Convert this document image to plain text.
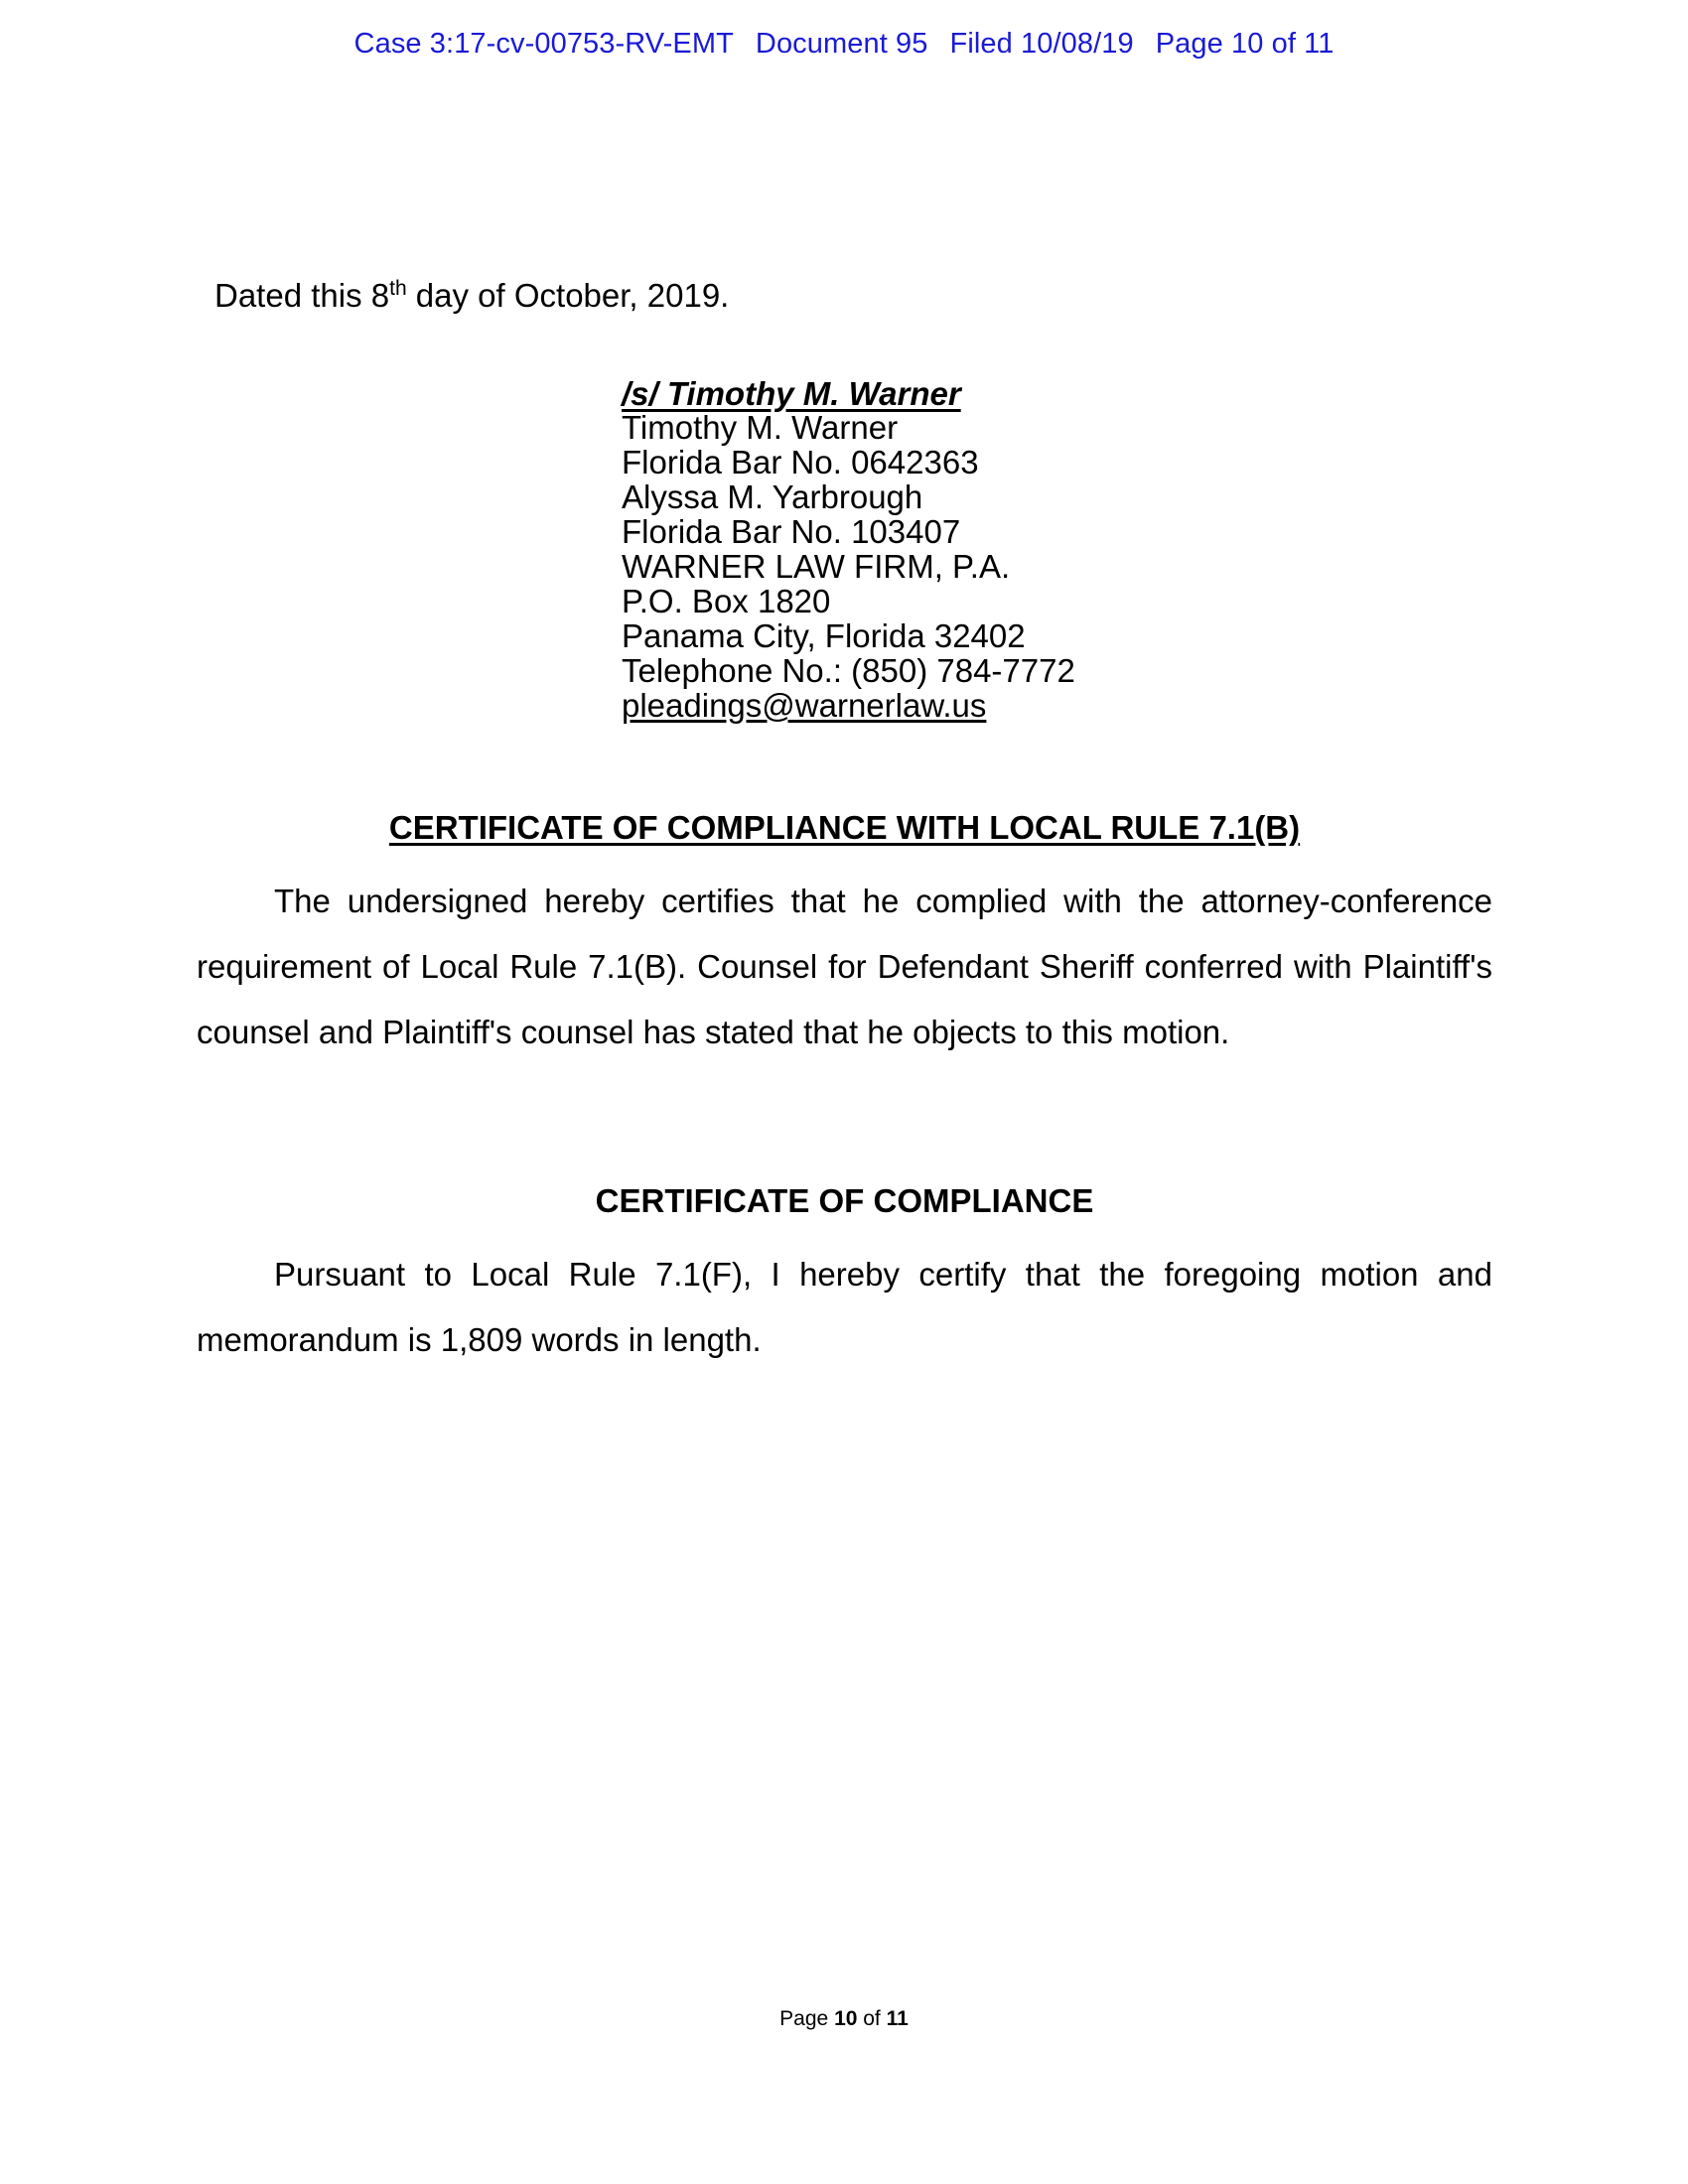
Case 3:17-cv-00753-RV-EMT Document 95 Filed 10/08/19 Page 10 of 11
Dated this 8th day of October, 2019.
/s/ Timothy M. Warner
Timothy M. Warner
Florida Bar No. 0642363
Alyssa M. Yarbrough
Florida Bar No. 103407
WARNER LAW FIRM, P.A.
P.O. Box 1820
Panama City, Florida 32402
Telephone No.: (850) 784-7772
pleadings@warnerlaw.us
CERTIFICATE OF COMPLIANCE WITH LOCAL RULE 7.1(B)
The undersigned hereby certifies that he complied with the attorney-conference requirement of Local Rule 7.1(B). Counsel for Defendant Sheriff conferred with Plaintiff's counsel and Plaintiff's counsel has stated that he objects to this motion.
CERTIFICATE OF COMPLIANCE
Pursuant to Local Rule 7.1(F), I hereby certify that the foregoing motion and memorandum is 1,809 words in length.
Page 10 of 11
